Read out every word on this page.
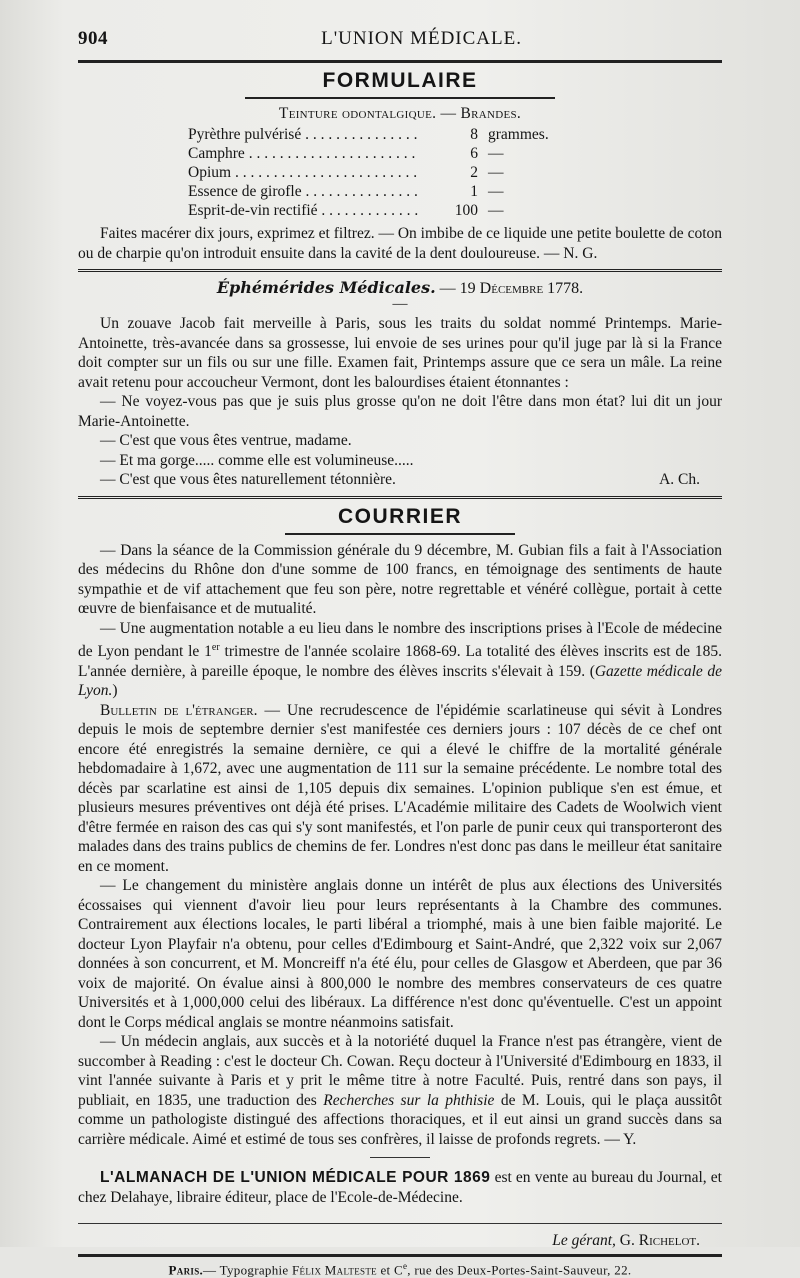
904	L'UNION MÉDICALE.
FORMULAIRE
Teinture odontalgique. — Brandes.
Pyrèthre pulvérisé . . .	8 grammes.
Camphre . . .	6 —
Opium . . .	2 —
Essence de girofle . . .	1 —
Esprit-de-vin rectifié . . .	100 —

Faites macérer dix jours, exprimez et filtrez. — On imbibe de ce liquide une petite boulette de coton ou de charpie qu'on introduit ensuite dans la cavité de la dent douloureuse. — N. G.

Éphémérides Médicales. — 19 Décembre 1778.
—

Un zouave Jacob fait merveille à Paris, sous les traits du soldat nommé Printemps. Marie-Antoinette, très-avancée dans sa grossesse, lui envoie de ses urines pour qu'il juge par là si la France doit compter sur un fils ou sur une fille. Examen fait, Printemps assure que ce sera un mâle. La reine avait retenu pour accoucheur Vermont, dont les balourdises étaient étonnantes :

— Ne voyez-vous pas que je suis plus grosse qu'on ne doit l'être dans mon état? lui dit un jour Marie-Antoinette.

— C'est que vous êtes ventrue, madame.

— Et ma gorge..... comme elle est volumineuse.....

— C'est que vous êtes naturellement tétonnière.	A. Ch.
COURRIER

— Dans la séance de la Commission générale du 9 décembre, M. Gubian fils a fait à l'Association des médecins du Rhône don d'une somme de 100 francs, en témoignage des sentiments de haute sympathie et de vif attachement que feu son père, notre regrettable et vénéré collègue, portait à cette œuvre de bienfaisance et de mutualité.

— Une augmentation notable a eu lieu dans le nombre des inscriptions prises à l'Ecole de médecine de Lyon pendant le 1er trimestre de l'année scolaire 1868-69. La totalité des élèves inscrits est de 185. L'année dernière, à pareille époque, le nombre des élèves inscrits s'élevait à 159. (Gazette médicale de Lyon.)

Bulletin de l'étranger. — Une recrudescence de l'épidémie scarlatineuse qui sévit à Londres depuis le mois de septembre dernier s'est manifestée ces derniers jours : 107 décès de ce chef ont encore été enregistrés la semaine dernière, ce qui a élevé le chiffre de la mortalité générale hebdomadaire à 1,672, avec une augmentation de 111 sur la semaine précédente. Le nombre total des décès par scarlatine est ainsi de 1,105 depuis dix semaines. L'opinion publique s'en est émue, et plusieurs mesures préventives ont déjà été prises. L'Académie militaire des Cadets de Woolwich vient d'être fermée en raison des cas qui s'y sont manifestés, et l'on parle de punir ceux qui transporteront des malades dans des trains publics de chemins de fer. Londres n'est donc pas dans le meilleur état sanitaire en ce moment.

— Le changement du ministère anglais donne un intérêt de plus aux élections des Universités écossaises qui viennent d'avoir lieu pour leurs représentants à la Chambre des communes. Contrairement aux élections locales, le parti libéral a triomphé, mais à une bien faible majorité. Le docteur Lyon Playfair n'a obtenu, pour celles d'Edimbourg et Saint-André, que 2,322 voix sur 2,067 données à son concurrent, et M. Moncreiff n'a été élu, pour celles de Glasgow et Aberdeen, que par 36 voix de majorité. On évalue ainsi à 800,000 le nombre des membres conservateurs de ces quatre Universités et à 1,000,000 celui des libéraux. La différence n'est donc qu'éventuelle. C'est un appoint dont le Corps médical anglais se montre néanmoins satisfait.

— Un médecin anglais, aux succès et à la notoriété duquel la France n'est pas étrangère, vient de succomber à Reading : c'est le docteur Ch. Cowan. Reçu docteur à l'Université d'Edimbourg en 1833, il vint l'année suivante à Paris et y prit le même titre à notre Faculté. Puis, rentré dans son pays, il publiait, en 1835, une traduction des Recherches sur la phthisie de M. Louis, qui le plaça aussitôt comme un pathologiste distingué des affections thoraciques, et il eut ainsi un grand succès dans sa carrière médicale. Aimé et estimé de tous ses confrères, il laisse de profonds regrets. — Y.

L'ALMANACH DE L'UNION MÉDICALE POUR 1869 est en vente au bureau du Journal, et chez Delahaye, libraire éditeur, place de l'Ecole-de-Médecine.

Le gérant, G. Richelot.
Paris.— Typographie Félix Malteste et Ce, rue des Deux-Portes-Saint-Sauveur, 22.
